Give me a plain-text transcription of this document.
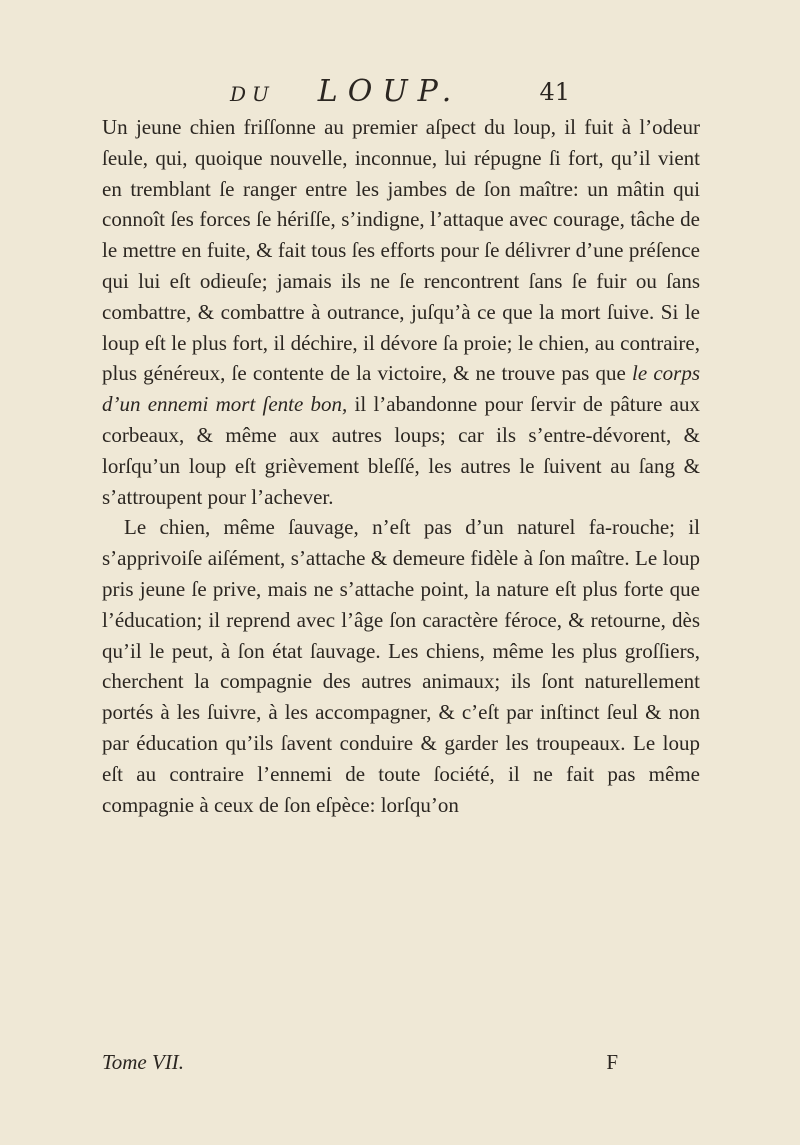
DU LOUP.	41

Un jeune chien friſſonne au premier aſpect du loup, il fuit à l’odeur ſeule, qui, quoique nouvelle, inconnue, lui répugne ſi fort, qu’il vient en tremblant ſe ranger entre les jambes de ſon maître: un mâtin qui connoît ſes forces ſe hériſſe, s’indigne, l’attaque avec courage, tâche de le mettre en fuite, & fait tous ſes efforts pour ſe délivrer d’une préſence qui lui eſt odieuſe; jamais ils ne ſe rencontrent ſans ſe fuir ou ſans combattre, & combattre à outrance, juſqu’à ce que la mort ſuive. Si le loup eſt le plus fort, il déchire, il dévore ſa proie; le chien, au contraire, plus généreux, ſe contente de la victoire, & ne trouve pas que le corps d’un ennemi mort ſente bon, il l’abandonne pour ſervir de pâture aux corbeaux, & même aux autres loups; car ils s’entre-dévorent, & lorſqu’un loup eſt grièvement bleſſé, les autres le ſuivent au ſang & s’attroupent pour l’achever.

Le chien, même ſauvage, n’eſt pas d’un naturel fa-rouche; il s’apprivoiſe aiſément, s’attache & demeure fidèle à ſon maître. Le loup pris jeune ſe prive, mais ne s’attache point, la nature eſt plus forte que l’éducation; il reprend avec l’âge ſon caractère féroce, & retourne, dès qu’il le peut, à ſon état ſauvage. Les chiens, même les plus groſſiers, cherchent la compagnie des autres animaux; ils ſont naturellement portés à les ſuivre, à les accompagner, & c’eſt par inſtinct ſeul & non par éducation qu’ils ſavent conduire & garder les troupeaux. Le loup eſt au contraire l’ennemi de toute ſociété, il ne fait pas même compagnie à ceux de ſon eſpèce: lorſqu’on

Tome VII.	F
